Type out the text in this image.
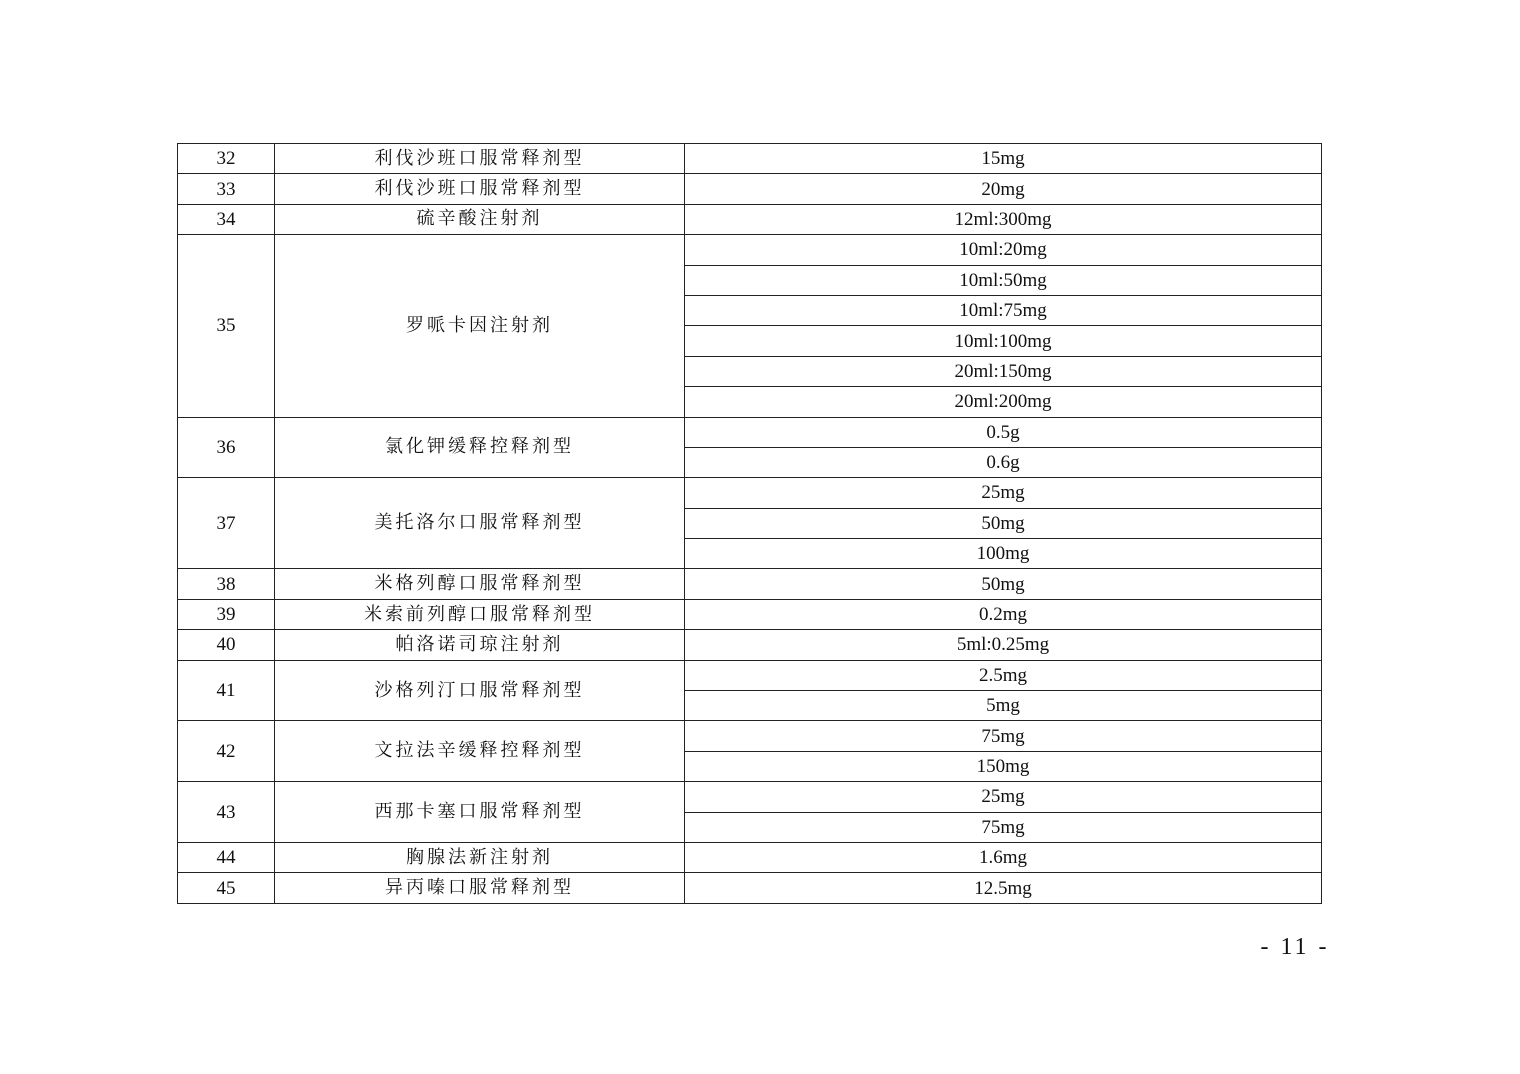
32	利伐沙班口服常释剂型	15mg
33	利伐沙班口服常释剂型	20mg
34	硫辛酸注射剂	12ml:300mg
35	罗哌卡因注射剂	10ml:20mg
		10ml:50mg
		10ml:75mg
		10ml:100mg
		20ml:150mg
		20ml:200mg
36	氯化钾缓释控释剂型	0.5g
		0.6g
37	美托洛尔口服常释剂型	25mg
		50mg
		100mg
38	米格列醇口服常释剂型	50mg
39	米索前列醇口服常释剂型	0.2mg
40	帕洛诺司琼注射剂	5ml:0.25mg
41	沙格列汀口服常释剂型	2.5mg
		5mg
42	文拉法辛缓释控释剂型	75mg
		150mg
43	西那卡塞口服常释剂型	25mg
		75mg
44	胸腺法新注射剂	1.6mg
45	异丙嗪口服常释剂型	12.5mg
- 11 -
